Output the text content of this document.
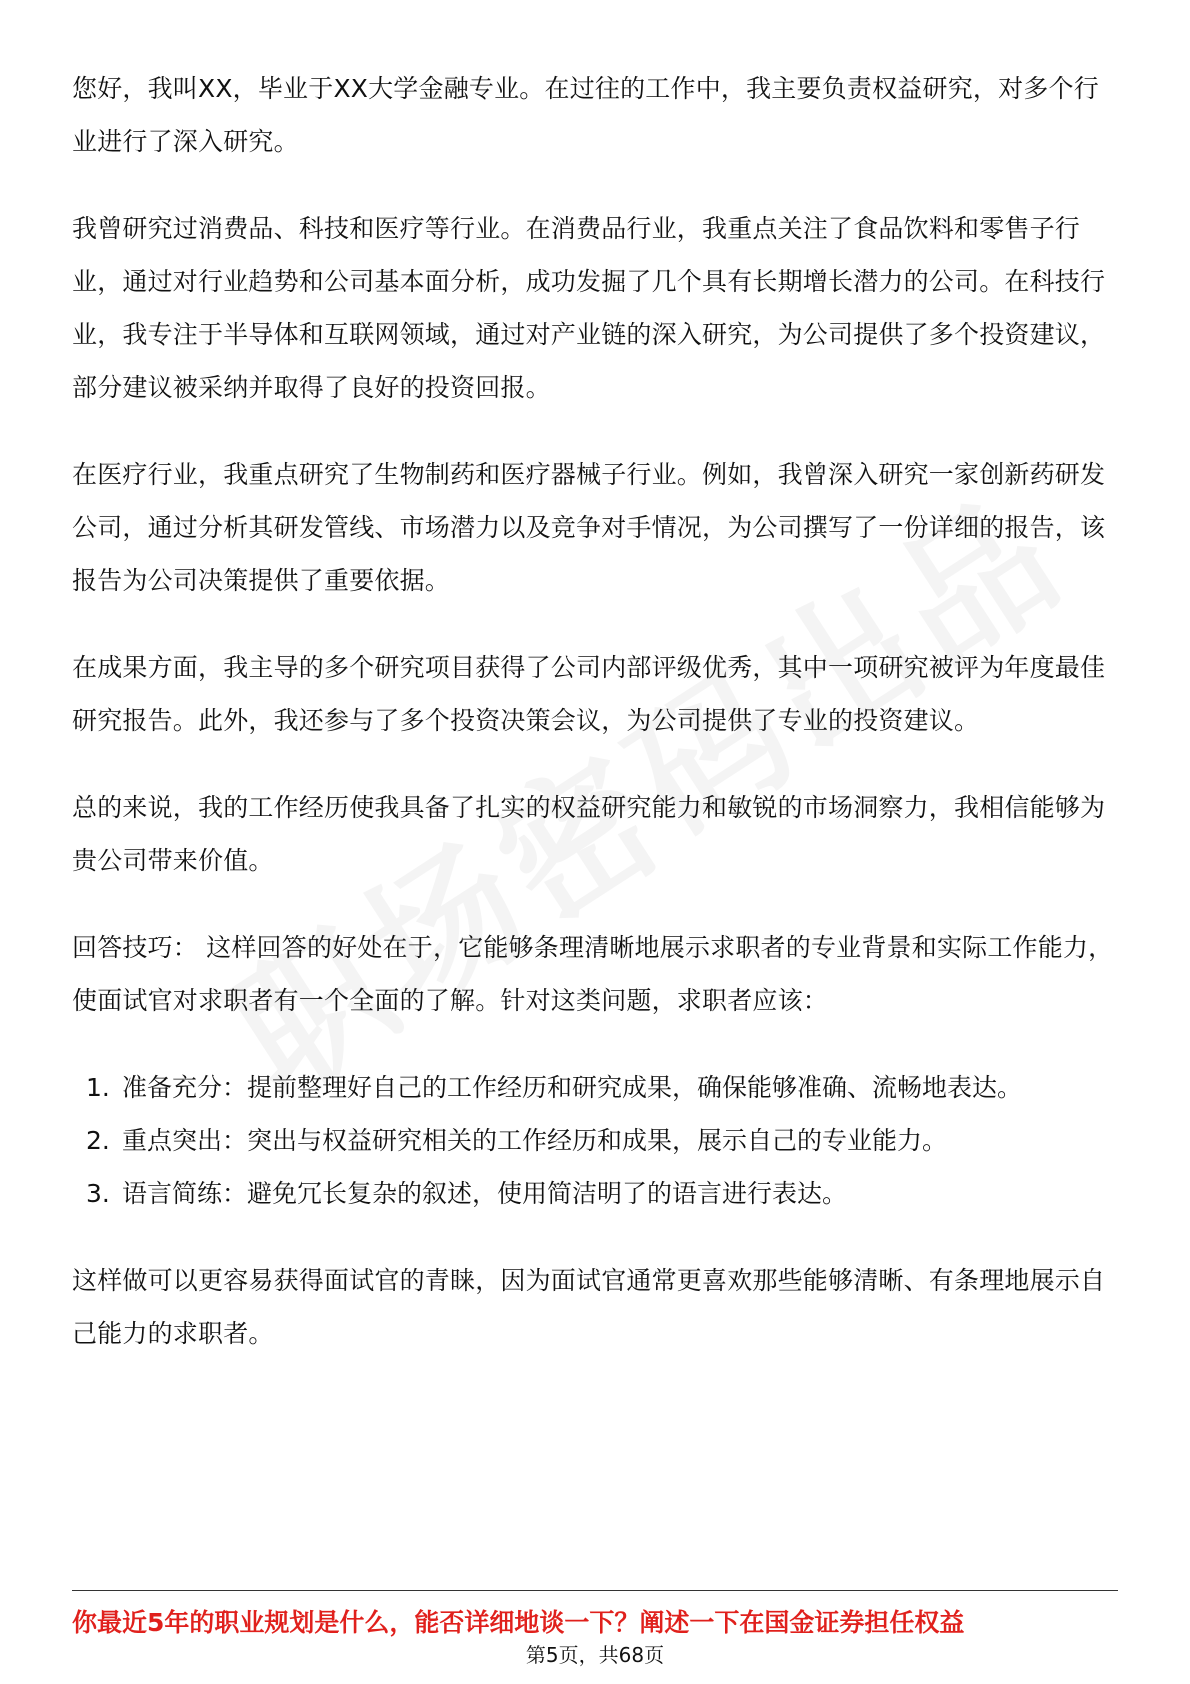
您好，我叫XX，毕业于XX大学金融专业。在过往的工作中，我主要负责权益研究，对多个行业进行了深入研究。

我曾研究过消费品、科技和医疗等行业。在消费品行业，我重点关注了食品饮料和零售子行业，通过对行业趋势和公司基本面分析，成功发掘了几个具有长期增长潜力的公司。在科技行业，我专注于半导体和互联网领域，通过对产业链的深入研究，为公司提供了多个投资建议，部分建议被采纳并取得了良好的投资回报。

在医疗行业，我重点研究了生物制药和医疗器械子行业。例如，我曾深入研究一家创新药研发公司，通过分析其研发管线、市场潜力以及竞争对手情况，为公司撰写了一份详细的报告，该报告为公司决策提供了重要依据。

在成果方面，我主导的多个研究项目获得了公司内部评级优秀，其中一项研究被评为年度最佳研究报告。此外，我还参与了多个投资决策会议，为公司提供了专业的投资建议。

总的来说，我的工作经历使我具备了扎实的权益研究能力和敏锐的市场洞察力，我相信能够为贵公司带来价值。

回答技巧： 这样回答的好处在于，它能够条理清晰地展示求职者的专业背景和实际工作能力，使面试官对求职者有一个全面的了解。针对这类问题，求职者应该：

1. 准备充分：提前整理好自己的工作经历和研究成果，确保能够准确、流畅地表达。
2. 重点突出：突出与权益研究相关的工作经历和成果，展示自己的专业能力。
3. 语言简练：避免冗长复杂的叙述，使用简洁明了的语言进行表达。

这样做可以更容易获得面试官的青睐，因为面试官通常更喜欢那些能够清晰、有条理地展示自己能力的求职者。

你最近5年的职业规划是什么，能否详细地谈一下？阐述一下在国金证券担任权益
第5页，共68页
